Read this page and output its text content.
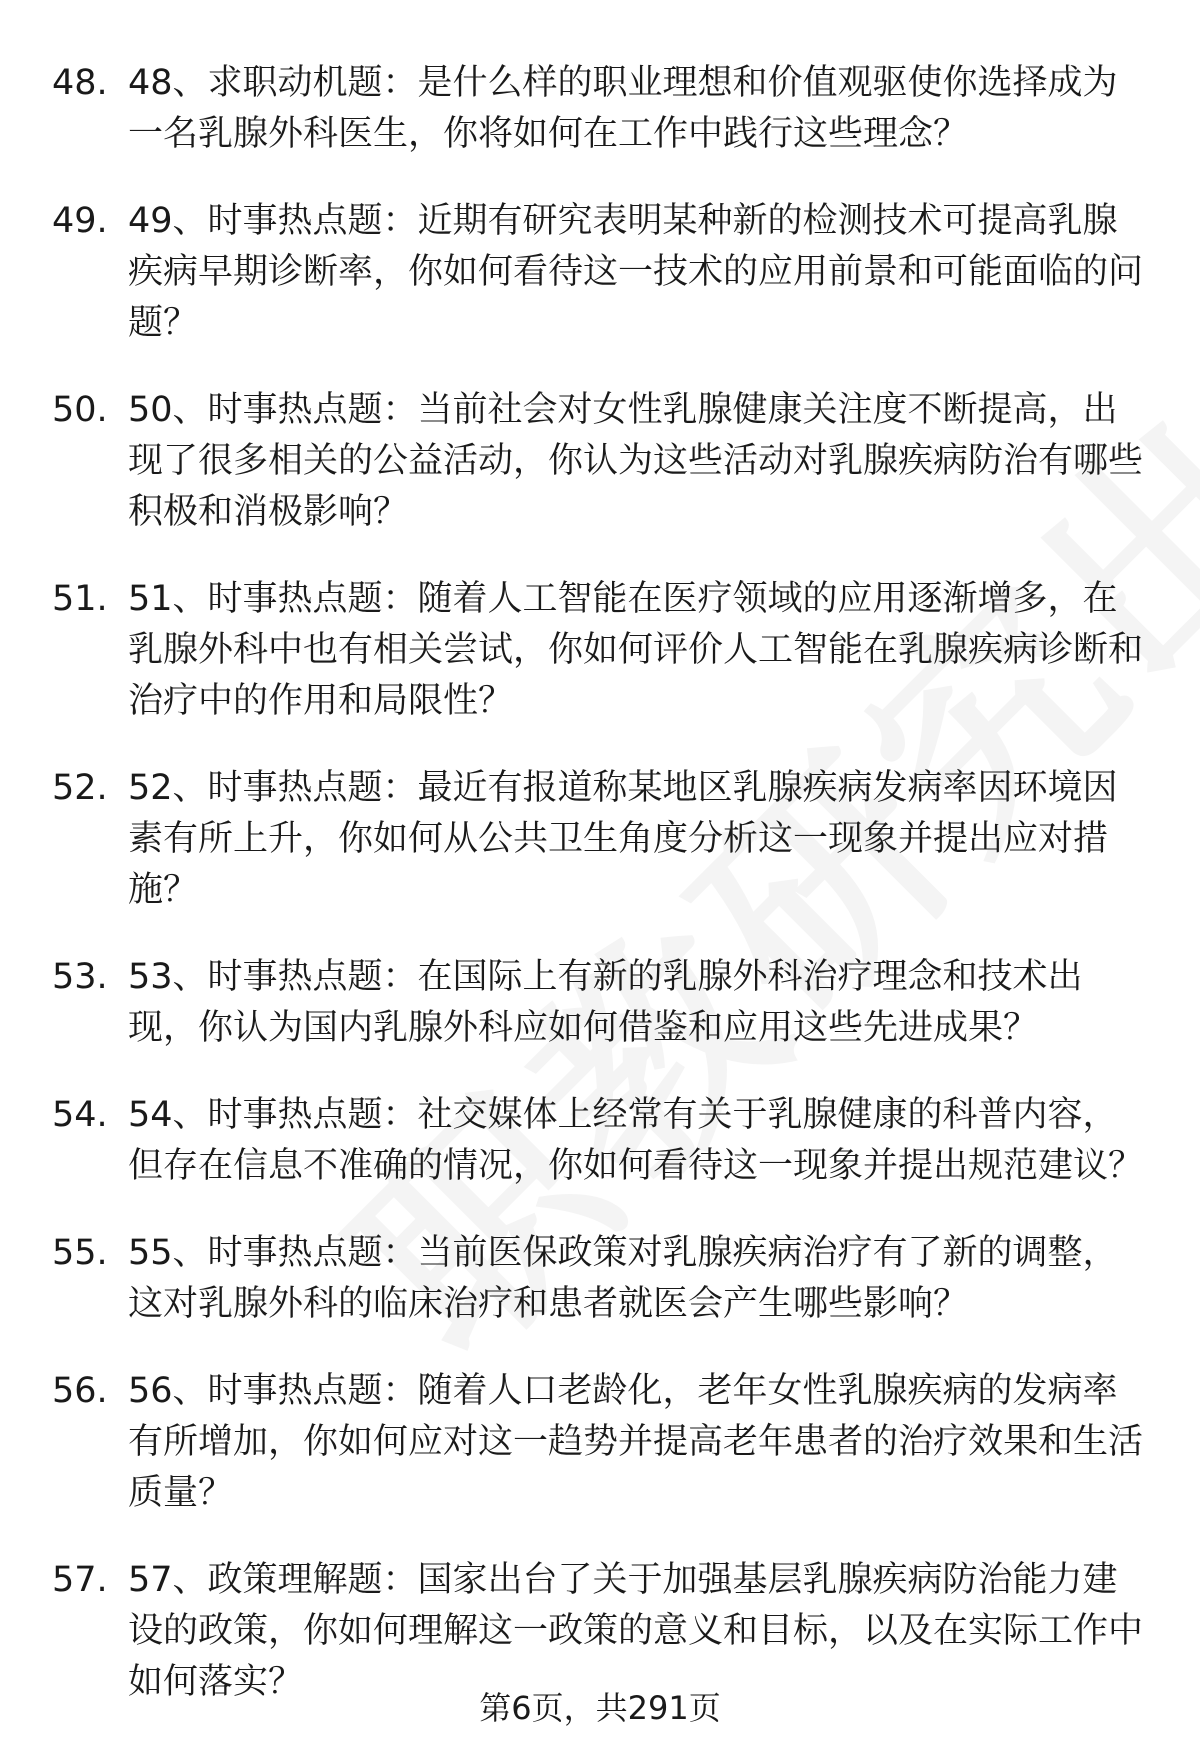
48. 48、求职动机题：是什么样的职业理想和价值观驱使你选择成为一名乳腺外科医生，你将如何在工作中践行这些理念？
49. 49、时事热点题：近期有研究表明某种新的检测技术可提高乳腺疾病早期诊断率，你如何看待这一技术的应用前景和可能面临的问题？
50. 50、时事热点题：当前社会对女性乳腺健康关注度不断提高，出现了很多相关的公益活动，你认为这些活动对乳腺疾病防治有哪些积极和消极影响？
51. 51、时事热点题：随着人工智能在医疗领域的应用逐渐增多，在乳腺外科中也有相关尝试，你如何评价人工智能在乳腺疾病诊断和治疗中的作用和局限性？
52. 52、时事热点题：最近有报道称某地区乳腺疾病发病率因环境因素有所上升，你如何从公共卫生角度分析这一现象并提出应对措施？
53. 53、时事热点题：在国际上有新的乳腺外科治疗理念和技术出现，你认为国内乳腺外科应如何借鉴和应用这些先进成果？
54. 54、时事热点题：社交媒体上经常有关于乳腺健康的科普内容，但存在信息不准确的情况，你如何看待这一现象并提出规范建议？
55. 55、时事热点题：当前医保政策对乳腺疾病治疗有了新的调整，这对乳腺外科的临床治疗和患者就医会产生哪些影响？
56. 56、时事热点题：随着人口老龄化，老年女性乳腺疾病的发病率有所增加，你如何应对这一趋势并提高老年患者的治疗效果和生活质量？
57. 57、政策理解题：国家出台了关于加强基层乳腺疾病防治能力建设的政策，你如何理解这一政策的意义和目标，以及在实际工作中如何落实？
第6页，共291页
